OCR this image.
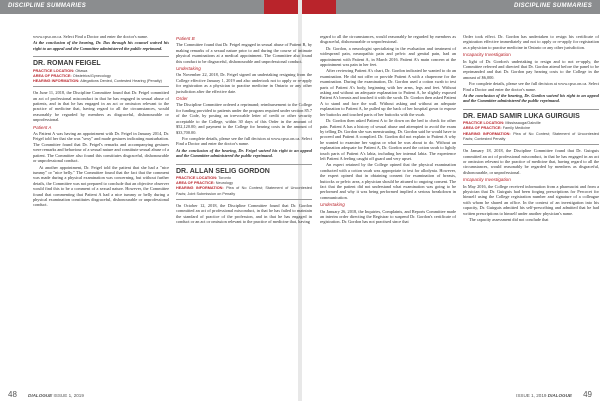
DISCIPLINE SUMMARIES	DISCIPLINE SUMMARIES

www.cpso.on.ca. Select Find a Doctor and enter the doctor's name.

At the conclusion of the hearing, Dr. Das through his counsel waived his right to an appeal and the Committee administered the public reprimand.

DR. ROMAN FEIGEL
PRACTICE LOCATION: Ottawa
AREA OF PRACTICE: Obstetrics/Gynecology
HEARING INFORMATION: Allegations Denied, Contested Hearing (Penalty)

On June 11, 2018, the Discipline Committee found that Dr. Feigel committed an act of professional misconduct in that he has engaged in sexual abuse of patients, and in that he has engaged in an act or omission relevant to the practice of medicine that, having regard to all the circumstances, would reasonably be regarded by members as disgraceful, dishonourable or unprofessional.

Patient A

As Patient A was having an appointment with Dr. Feigel in January 2014, Dr. Feigel told her that she was "sexy" and made gestures indicating masturbation. The Committee found that Dr. Feigel's remarks and accompanying gestures were remarks and behaviour of a sexual nature and constitute sexual abuse of a patient. The Committee also found this constitutes disgraceful, dishonourable or unprofessional conduct.

At another appointment, Dr. Feigel told the patient that she had a "nice tummy" or "nice belly." The Committee found that the fact that the comment was made during a physical examination was concerning, but without further details, the Committee was not prepared to conclude that an objective observer would find this to be a comment of a sexual nature. However, the Committee found that commenting that Patient A had a nice tummy or belly during a physical examination constitutes disgraceful, dishonourable or unprofessional conduct.

Patient B

The Committee found that Dr. Feigel engaged in sexual abuse of Patient B, by making remarks of a sexual nature prior to and during the course of intimate physical examinations at a medical appointment. The Committee also found this conduct to be disgraceful, dishonourable and unprofessional conduct.

Undertaking

On November 22, 2018, Dr. Feigel signed an undertaking resigning from the College effective January 1, 2019 and also undertook not to apply or re-apply for registration as a physician to practise medicine in Ontario or any other jurisdiction after the effective date.

Order

The Discipline Committee ordered a reprimand; reimbursement to the College for funding provided to patients under the program required under section 85.7 of the Code, by posting an irrevocable letter of credit or other security acceptable to the College, within 30 days of this Order in the amount of $52,120.00; and payment to the College for hearing costs in the amount of $33,700.00.

For complete details, please see the full decision at www.cpso.on.ca. Select Find a Doctor and enter the doctor's name.

At the conclusion of the hearing, Dr. Feigel waived his right to an appeal and the Committee administered the public reprimand.

DR. ALLAN SELIG GORDON
PRACTICE LOCATION: Toronto
AREA OF PRACTICE: Neurology
HEARING INFORMATION: Plea of No Contest; Statement of Uncontested Facts; Joint Submission on Penalty

On October 12, 2018, the Discipline Committee found that Dr. Gordon committed an act of professional misconduct, in that he has failed to maintain the standard of practice of the profession, and in that he has engaged in conduct or an act or omission relevant to the practice of medicine that, having

regard to all the circumstances, would reasonably be regarded by members as disgraceful, dishonourable or unprofessional.

Dr. Gordon, a neurologist specializing in the evaluation and treatment of widespread pain, neuropathic pain and pelvic and genital pain, had an appointment with Patient A, in March 2016. Patient A's main concern at the appointment was pain in her feet.

After reviewing Patient A's chart, Dr. Gordon indicated he wanted to do an examination. He did not offer or provide Patient A with a chaperone for the examination. During the examination, Dr. Gordon used a cotton swab to test parts of Patient A's body, beginning with her arms, legs and feet. Without asking and without an adequate explanation to Patient A, he slightly exposed Patient A's breasts and touched it with the swab. Dr. Gordon then asked Patient A to stand and face the wall. Without asking and without an adequate explanation to Patient A, he pulled up the back of her hospital gown to expose her buttocks and touched parts of her buttocks with the swab.

Dr. Gordon then asked Patient A to lie down on the bed to check for other pain. Patient A has a history of sexual abuse and attempted to avoid the exam by telling Dr. Gordon she was menstruating. Dr. Gordon said he would have to proceed and Patient A complied. Dr. Gordon did not explain to Patient A why he wanted to examine her vagina or what he was about to do. Without an explanation adequate for Patient A, Dr. Gordon used the cotton swab to lightly touch parts of Patient A's labia, including her internal labia. The experience left Patient A feeling caught off guard and very upset.

An expert retained by the College opined that the physical examination conducted with a cotton swab was appropriate to test for allodynia. However, the expert opined that in obtaining consent for examination of breasts, buttocks or pelvic area, a physician should be attuned to ongoing consent. The fact that the patient did not understand what examination was going to be performed and why it was being performed implied a serious breakdown in communication.

Undertaking

On January 26, 2018, the Inquiries, Complaints, and Reports Committee made an interim order directing the Registrar to suspend Dr. Gordon's certificate of registration. Dr. Gordon has not practised since that

Order took effect. Dr. Gordon has undertaken to resign his certificate of registration effective immediately and not to apply or re-apply for registration as a physician to practise medicine in Ontario or any other jurisdiction.

Incapacity Investigation

In light of Dr. Gordon's undertaking to resign and to not re-apply, the Committee referred and directed that Dr. Gordon attend before the panel to be reprimanded and that Dr. Gordon pay hearing costs to the College in the amount of $6,000.

For complete details, please see the full decision at www.cpso.on.ca. Select Find a Doctor and enter the doctor's name.

At the conclusion of the hearing, Dr. Gordon waived his right to an appeal and the Committee administered the public reprimand.

DR. EMAD SAMIR LUKA GUIRGUIS
PRACTICE LOCATION: Mississauga/Oakville
AREA OF PRACTICE: Family Medicine
HEARING INFORMATION: Plea of No Contest; Statement of Uncontested Facts; Contested Penalty

On January 18, 2018, the Discipline Committee found that Dr. Guirguis committed an act of professional misconduct, in that he has engaged in an act or omission relevant to the practice of medicine that, having regard to all the circumstances, would reasonably be regarded by members as disgraceful, dishonourable, or unprofessional.

Incapacity Investigation

In May 2016, the College received information from a pharmacist and from a physician that Dr. Guirguis had been forging prescriptions for Percocet for himself using the College registration number and signature of a colleague with whom he shared an office. In the context of an investigation into his capacity, Dr. Guirguis admitted his self-prescribing and admitted that he had written prescriptions to himself under another physician's name.

The capacity assessment did not conclude that

48 DIALOGUE ISSUE 1, 2019	ISSUE 1, 2019 DIALOGUE 49
